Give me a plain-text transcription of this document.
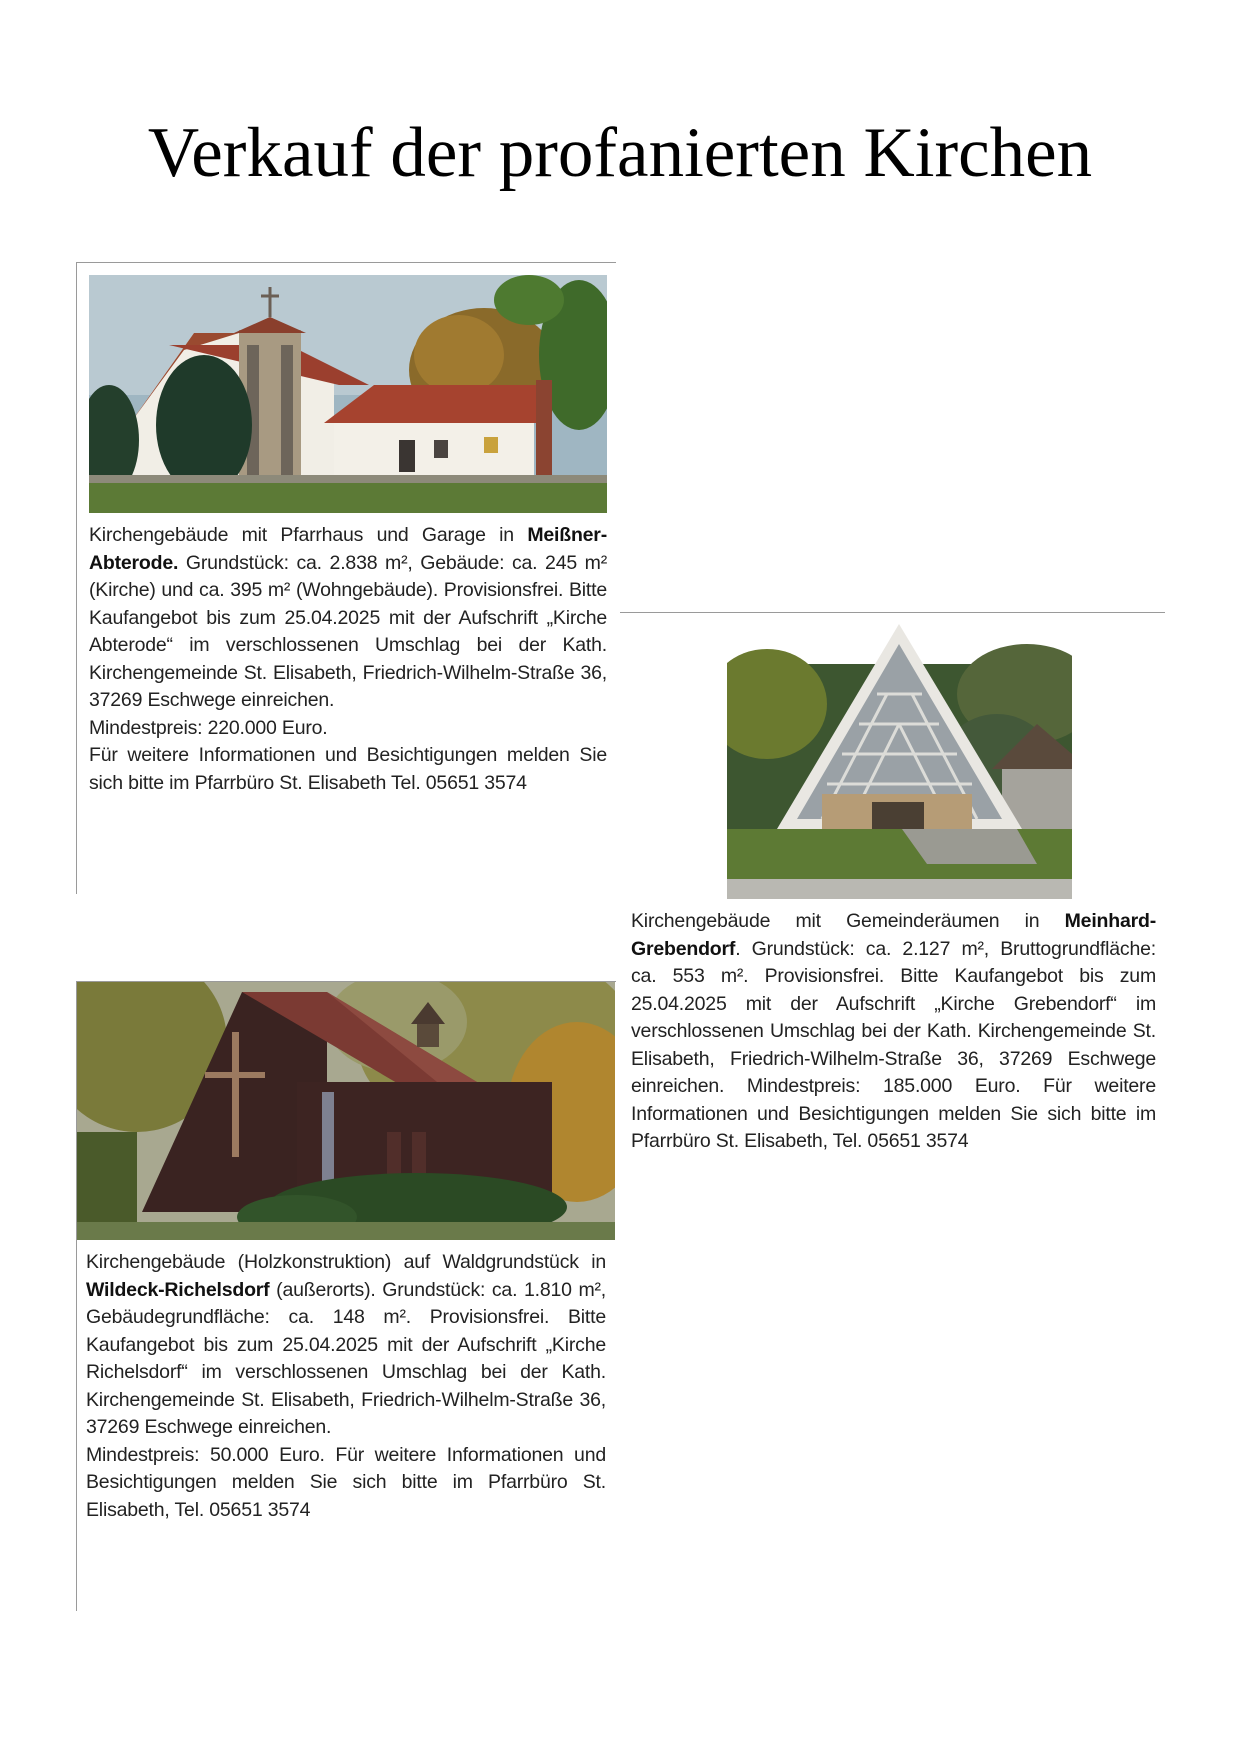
Verkauf der profanierten Kirchen

Kirchengebäude mit Pfarrhaus und Garage in Meißner-Abterode. Grundstück: ca. 2.838 m², Gebäude: ca. 245 m² (Kirche) und ca. 395 m² (Wohngebäude). Provisionsfrei. Bitte Kaufangebot bis zum 25.04.2025 mit der Aufschrift „Kirche Abterode“ im verschlossenen Umschlag bei der Kath. Kirchengemeinde St. Elisabeth, Friedrich-Wilhelm-Straße 36, 37269 Eschwege einreichen.
Mindestpreis: 220.000 Euro.
Für weitere Informationen und Besichtigungen melden Sie sich bitte im Pfarrbüro St. Elisabeth Tel. 05651 3574

Kirchengebäude mit Gemeinderäumen in Meinhard-Grebendorf. Grundstück: ca. 2.127 m², Bruttogrundfläche: ca. 553 m². Provisionsfrei. Bitte Kaufangebot bis zum 25.04.2025 mit der Aufschrift „Kirche Grebendorf“ im verschlossenen Umschlag bei der Kath. Kirchengemeinde St. Elisabeth, Friedrich-Wilhelm-Straße 36, 37269 Eschwege einreichen. Mindestpreis: 185.000 Euro. Für weitere Informationen und Besichtigungen melden Sie sich bitte im Pfarrbüro St. Elisabeth, Tel. 05651 3574

Kirchengebäude (Holzkonstruktion) auf Waldgrundstück in Wildeck-Richelsdorf (außerorts). Grundstück: ca. 1.810 m², Gebäudegrundfläche: ca. 148 m². Provisionsfrei. Bitte Kaufangebot bis zum 25.04.2025 mit der Aufschrift „Kirche Richelsdorf“ im verschlossenen Umschlag bei der Kath. Kirchengemeinde St. Elisabeth, Friedrich-Wilhelm-Straße 36, 37269 Eschwege einreichen.
Mindestpreis: 50.000 Euro. Für weitere Informationen und Besichtigungen melden Sie sich bitte im Pfarrbüro St. Elisabeth, Tel. 05651 3574
